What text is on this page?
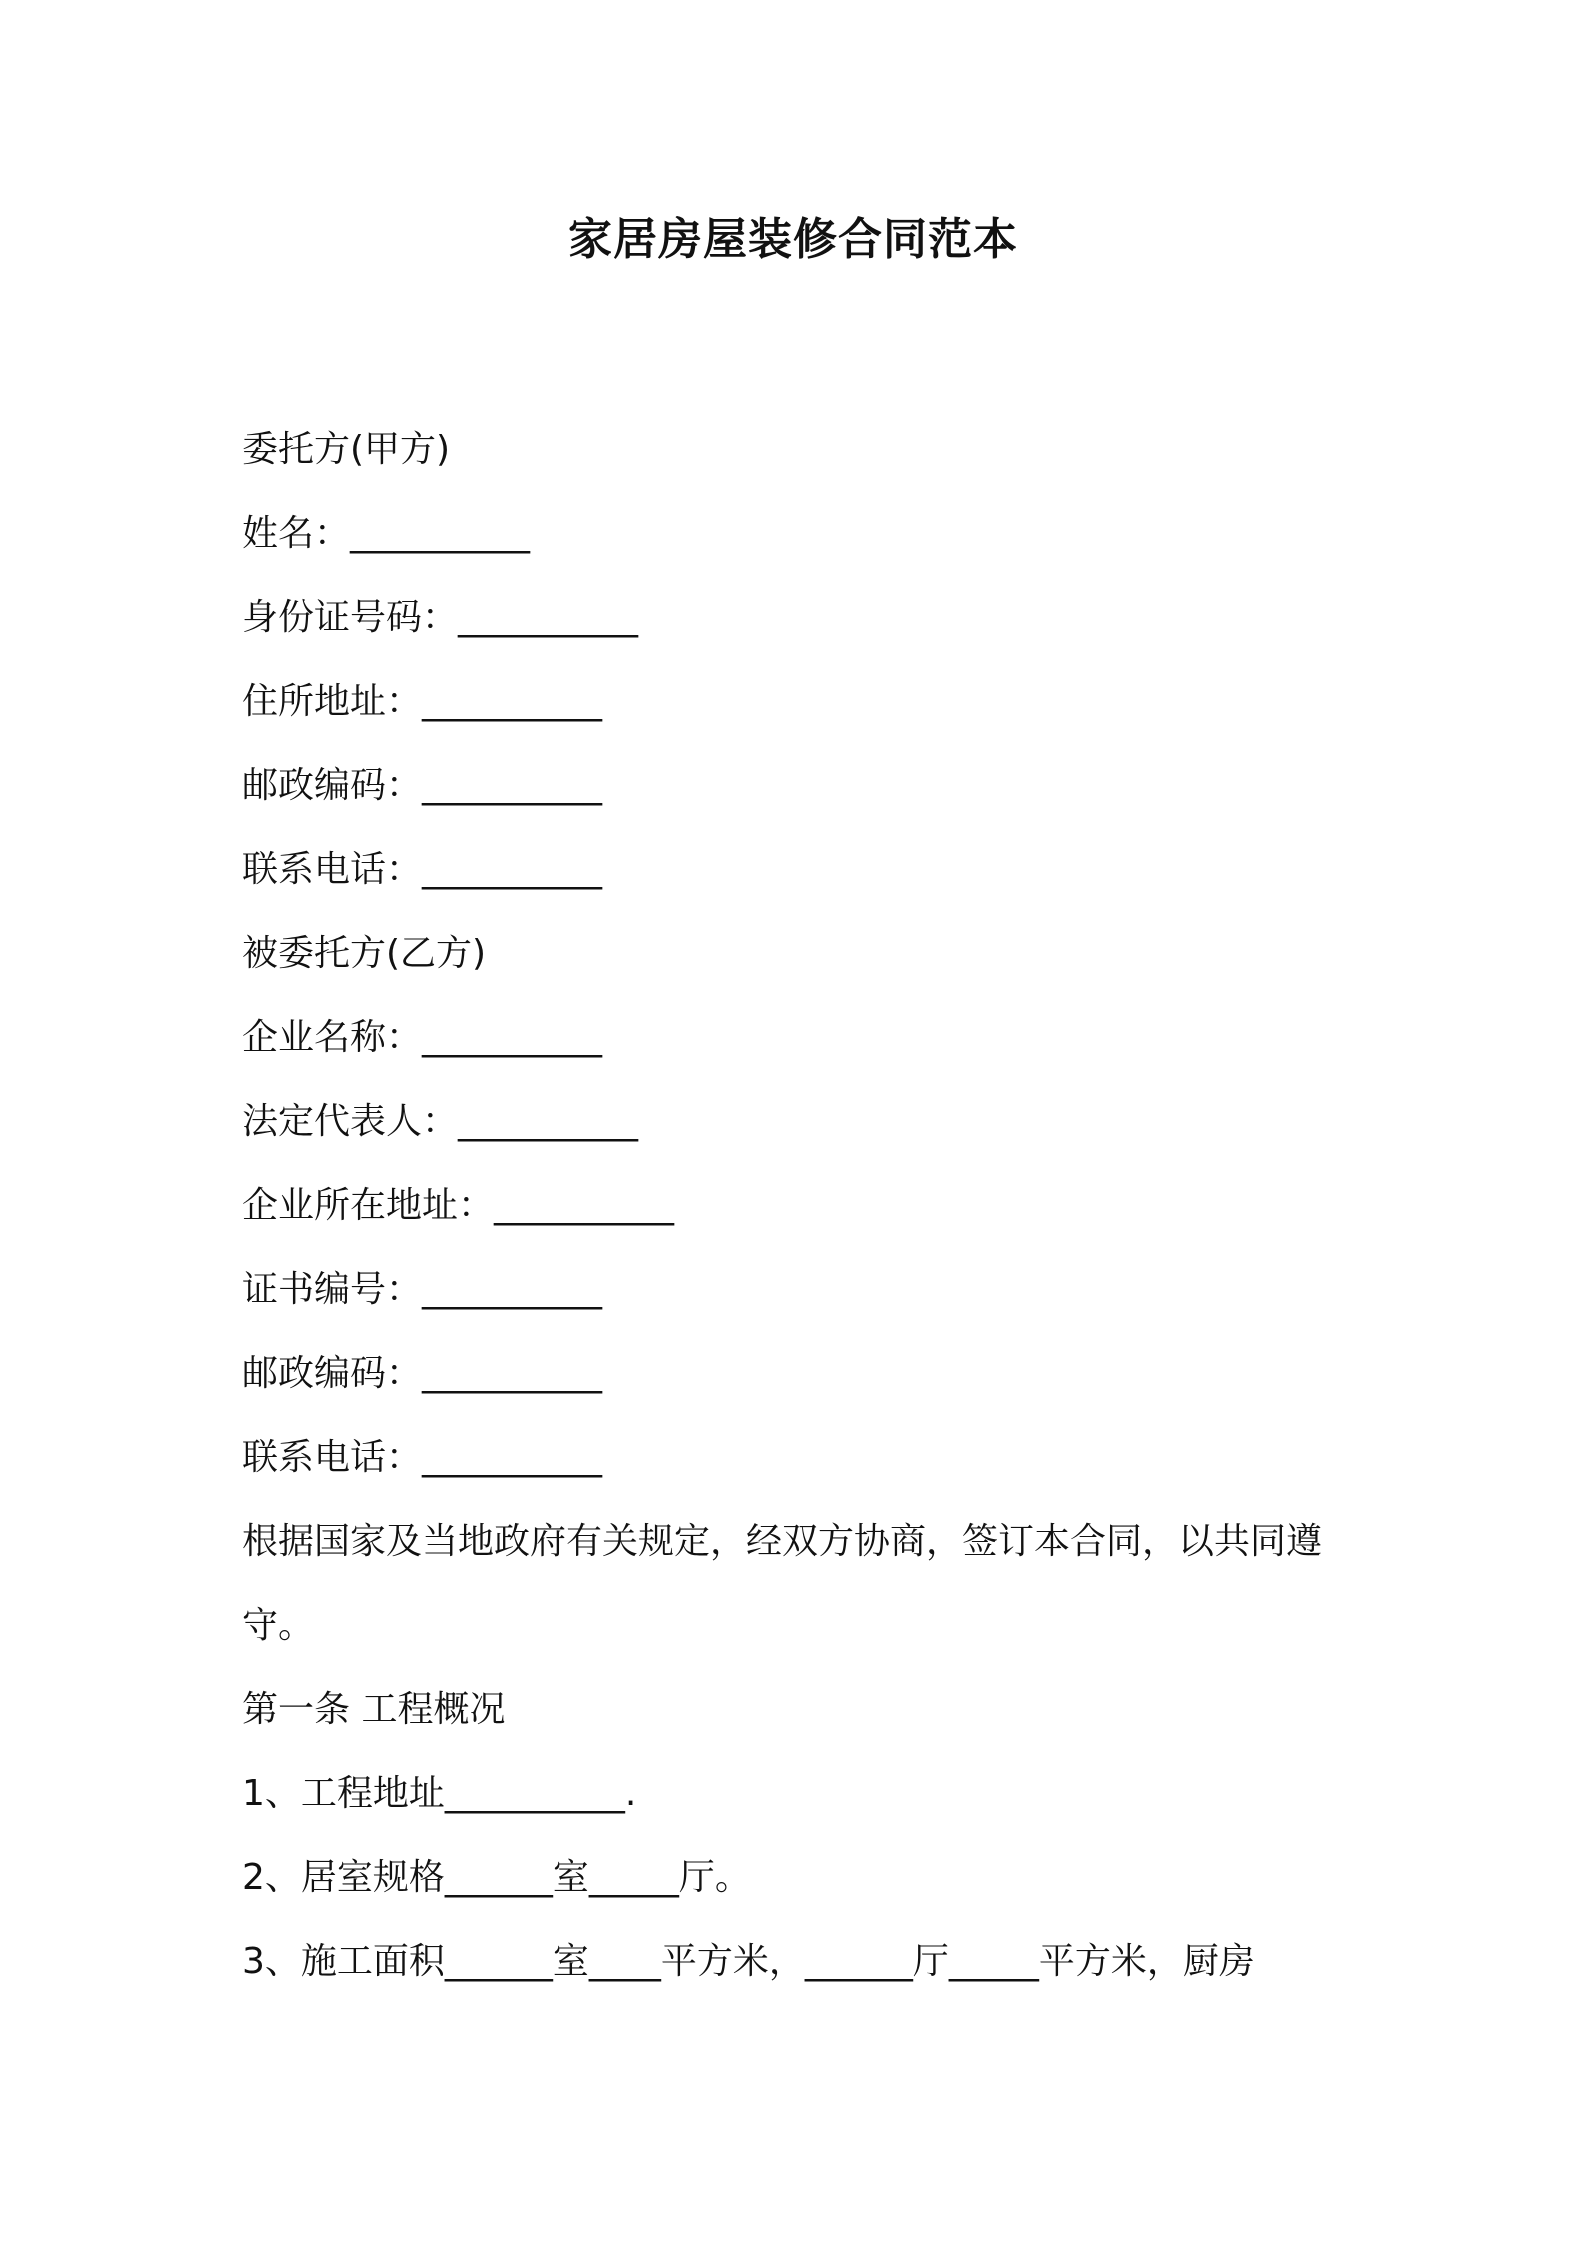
家居房屋装修合同范本
委托方(甲方)
姓名：__________
身份证号码：__________
住所地址：__________
邮政编码：__________
联系电话：__________
被委托方(乙方)
企业名称：__________
法定代表人：__________
企业所在地址：__________
证书编号：__________
邮政编码：__________
联系电话：__________
根据国家及当地政府有关规定，经双方协商，签订本合同，以共同遵
守。
第一条 工程概况
1、工程地址__________.
2、居室规格______室_____厅。
3、施工面积______室____平方米，______厅_____平方米，厨房
